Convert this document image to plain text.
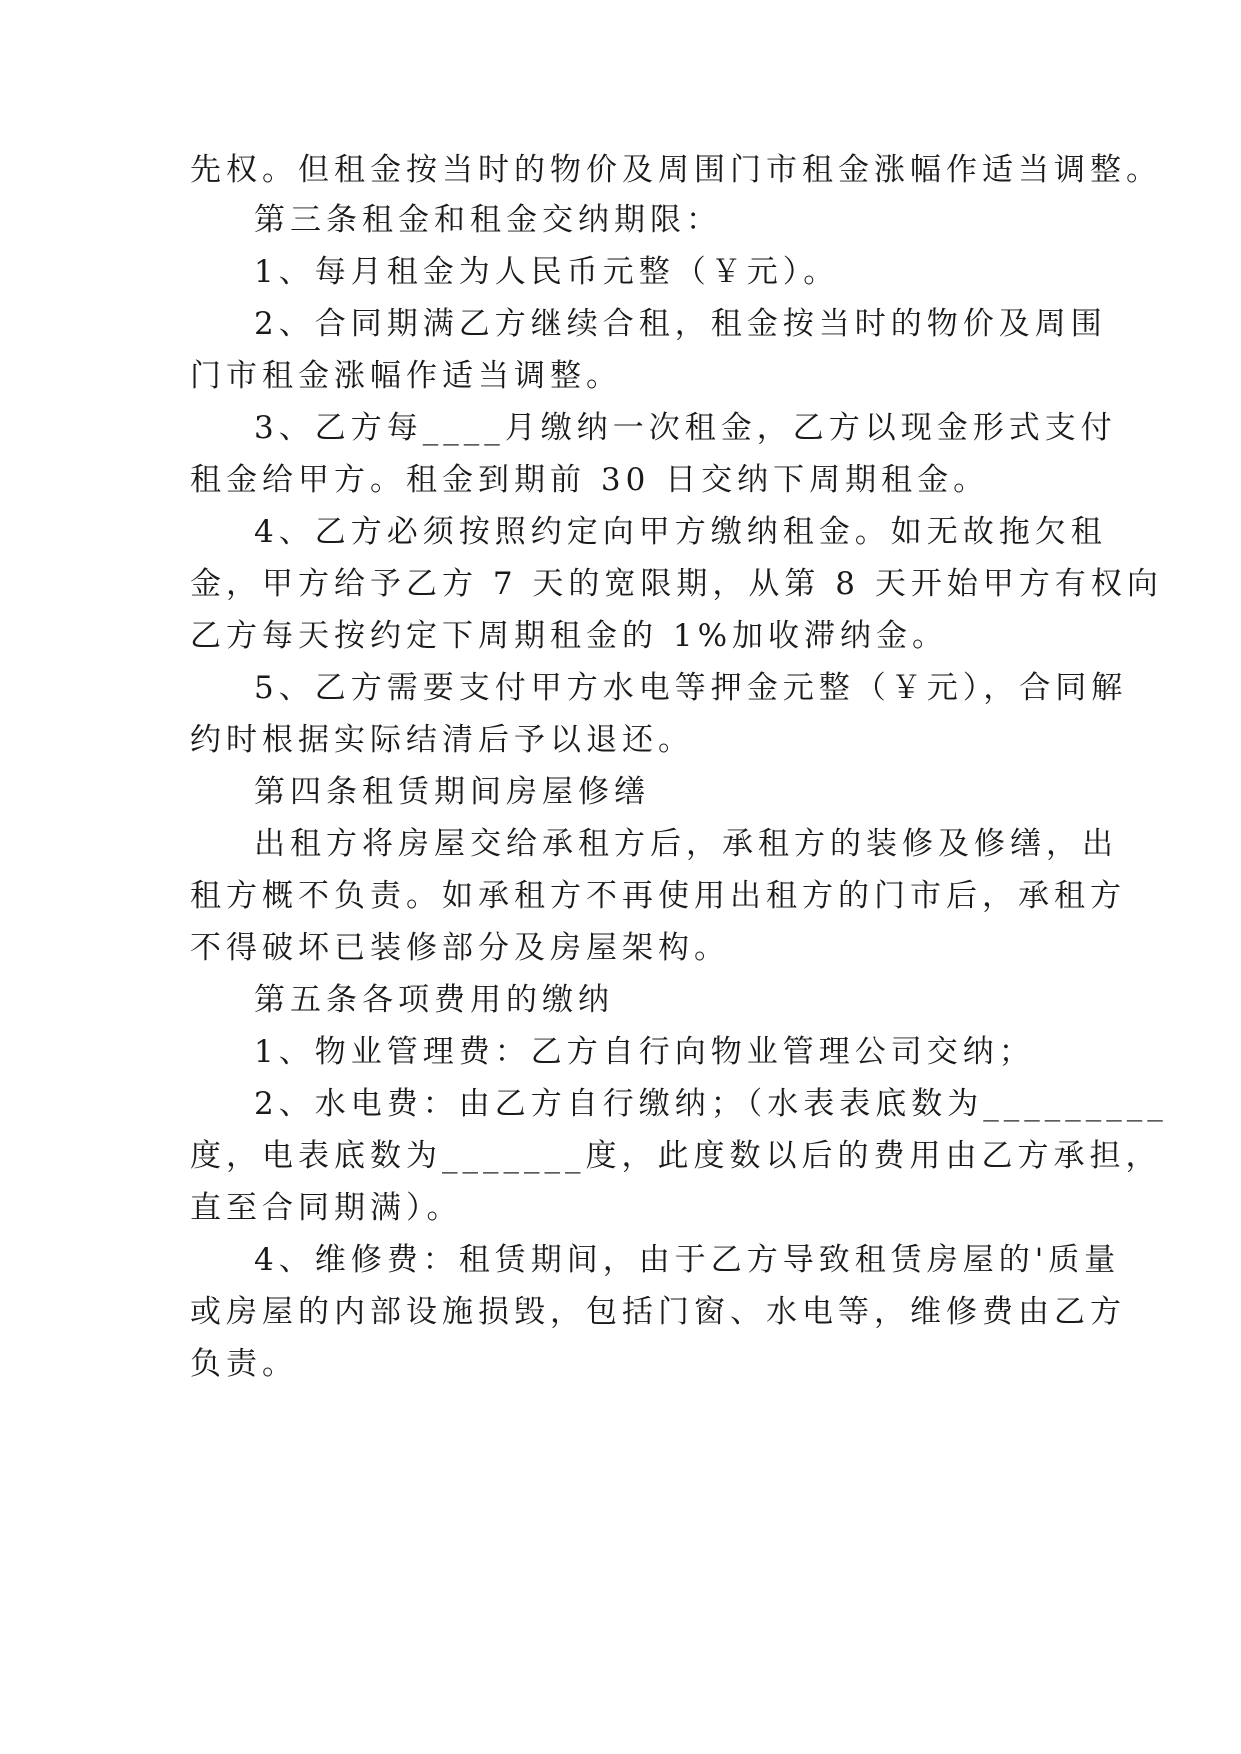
先权。但租金按当时的物价及周围门市租金涨幅作适当调整。
第三条租金和租金交纳期限：
1、每月租金为人民币元整（￥元）。
2、合同期满乙方继续合租，租金按当时的物价及周围
门市租金涨幅作适当调整。
3、乙方每____月缴纳一次租金，乙方以现金形式支付
租金给甲方。租金到期前 30 日交纳下周期租金。
4、乙方必须按照约定向甲方缴纳租金。如无故拖欠租
金，甲方给予乙方 7 天的宽限期，从第 8 天开始甲方有权向
乙方每天按约定下周期租金的 1%加收滞纳金。
5、乙方需要支付甲方水电等押金元整（￥元），合同解
约时根据实际结清后予以退还。
第四条租赁期间房屋修缮
出租方将房屋交给承租方后，承租方的装修及修缮，出
租方概不负责。如承租方不再使用出租方的门市后，承租方
不得破坏已装修部分及房屋架构。
第五条各项费用的缴纳
1、物业管理费：乙方自行向物业管理公司交纳；
2、水电费：由乙方自行缴纳；（水表表底数为_________
度，电表底数为_______度，此度数以后的费用由乙方承担，
直至合同期满）。
4、维修费：租赁期间，由于乙方导致租赁房屋的'质量
或房屋的内部设施损毁，包括门窗、水电等，维修费由乙方
负责。
